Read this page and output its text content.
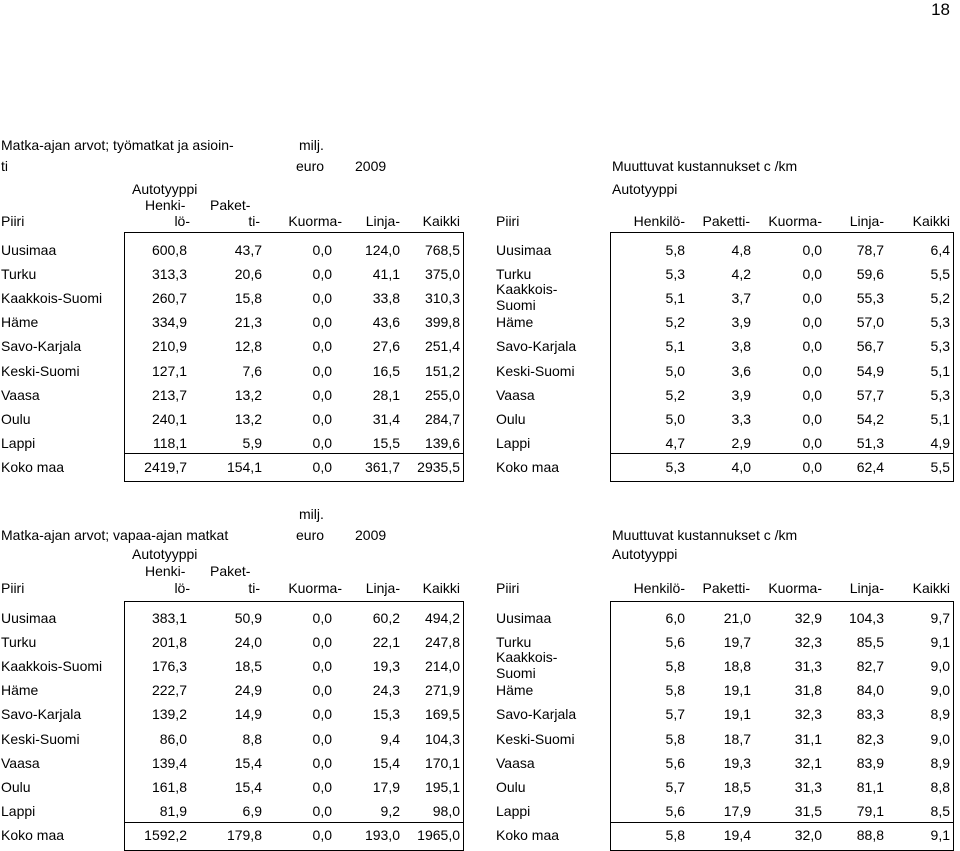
18
Matka-ajan arvot; työmatkat ja asioin-
ti
milj.
euro	2009	Muuttuvat kustannukset c /km
Autotyyppi	Autotyyppi
Henki-	Paket-
Piiri	lö-	ti-	Kuorma-	Linja-	Kaikki	Piiri	Henkilö-	Paketti-	Kuorma-	Linja-	Kaikki
Uusimaa	600,8	43,7	0,0	124,0	768,5
Turku	313,3	20,6	0,0	41,1	375,0
Kaakkois-Suomi	260,7	15,8	0,0	33,8	310,3
Häme	334,9	21,3	0,0	43,6	399,8
Savo-Karjala	210,9	12,8	0,0	27,6	251,4
Keski-Suomi	127,1	7,6	0,0	16,5	151,2
Vaasa	213,7	13,2	0,0	28,1	255,0
Oulu	240,1	13,2	0,0	31,4	284,7
Lappi	118,1	5,9	0,0	15,5	139,6
Koko maa	2419,7	154,1	0,0	361,7	2935,5
Uusimaa	5,8	4,8	0,0	78,7	6,4
Turku	5,3	4,2	0,0	59,6	5,5
Kaakkois-
Suomi	5,1	3,7	0,0	55,3	5,2
Häme	5,2	3,9	0,0	57,0	5,3
Savo-Karjala	5,1	3,8	0,0	56,7	5,3
Keski-Suomi	5,0	3,6	0,0	54,9	5,1
Vaasa	5,2	3,9	0,0	57,7	5,3
Oulu	5,0	3,3	0,0	54,2	5,1
Lappi	4,7	2,9	0,0	51,3	4,9
Koko maa	5,3	4,0	0,0	62,4	5,5
Matka-ajan arvot; vapaa-ajan matkat
milj.
euro	2009	Muuttuvat kustannukset c /km
Autotyyppi	Autotyyppi
Henki-	Paket-
Piiri	lö-	ti-	Kuorma-	Linja-	Kaikki	Piiri	Henkilö-	Paketti-	Kuorma-	Linja-	Kaikki
Uusimaa	383,1	50,9	0,0	60,2	494,2
Turku	201,8	24,0	0,0	22,1	247,8
Kaakkois-Suomi	176,3	18,5	0,0	19,3	214,0
Häme	222,7	24,9	0,0	24,3	271,9
Savo-Karjala	139,2	14,9	0,0	15,3	169,5
Keski-Suomi	86,0	8,8	0,0	9,4	104,3
Vaasa	139,4	15,4	0,0	15,4	170,1
Oulu	161,8	15,4	0,0	17,9	195,1
Lappi	81,9	6,9	0,0	9,2	98,0
Koko maa	1592,2	179,8	0,0	193,0	1965,0
Uusimaa	6,0	21,0	32,9	104,3	9,7
Turku	5,6	19,7	32,3	85,5	9,1
Kaakkois-
Suomi	5,8	18,8	31,3	82,7	9,0
Häme	5,8	19,1	31,8	84,0	9,0
Savo-Karjala	5,7	19,1	32,3	83,3	8,9
Keski-Suomi	5,8	18,7	31,1	82,3	9,0
Vaasa	5,6	19,3	32,1	83,9	8,9
Oulu	5,7	18,5	31,3	81,1	8,8
Lappi	5,6	17,9	31,5	79,1	8,5
Koko maa	5,8	19,4	32,0	88,8	9,1
